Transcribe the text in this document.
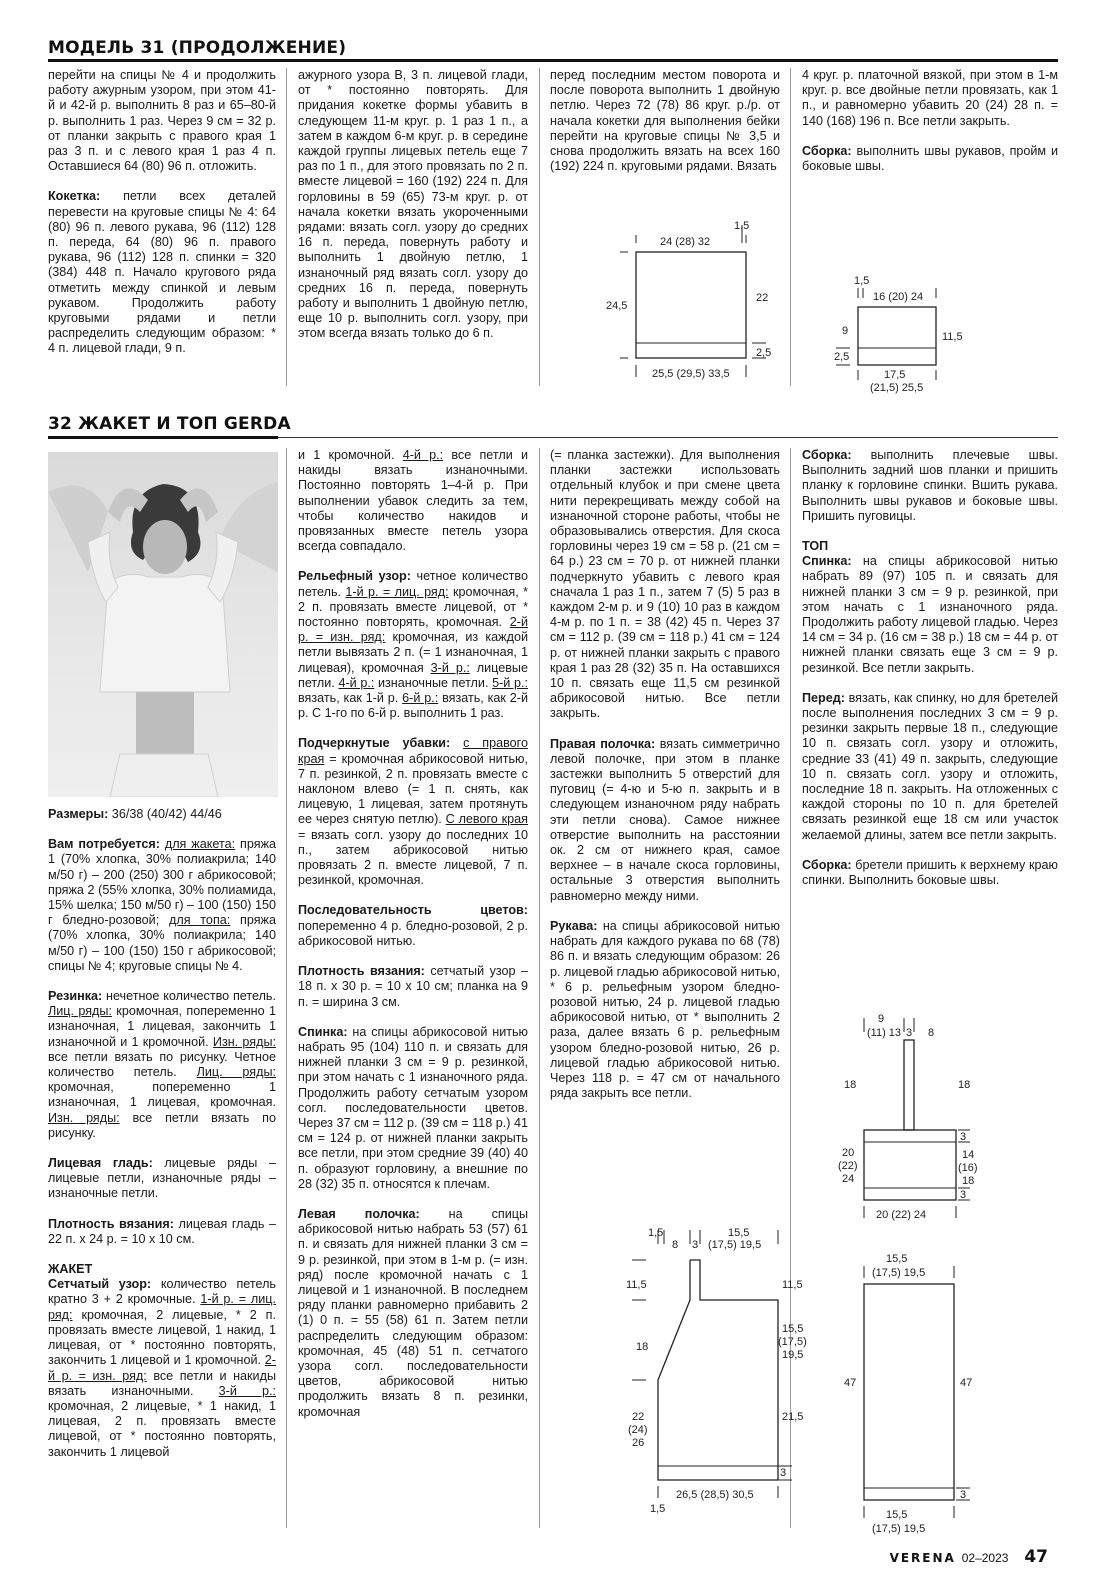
МОДЕЛЬ 31 (ПРОДОЛЖЕНИЕ)

перейти на спицы № 4 и продолжить работу ажурным узором, при этом 41-й и 42-й р. выполнить 8 раз и 65–80-й р. выполнить 1 раз. Через 9 см = 32 р. от планки закрыть с правого края 1 раз 3 п. и с левого края 1 раз 4 п. Оставшиеся 64 (80) 96 п. отложить.

Кокетка: петли всех деталей перевести на круговые спицы № 4: 64 (80) 96 п. левого рукава, 96 (112) 128 п. переда, 64 (80) 96 п. правого рукава, 96 (112) 128 п. спинки = 320 (384) 448 п. Начало кругового ряда отметить между спинкой и левым рукавом. Продолжить работу круговыми рядами и петли распределить следующим образом: * 4 п. лицевой глади, 9 п.

ажурного узора B, 3 п. лицевой глади, от * постоянно повторять. Для придания кокетке формы убавить в следующем 11-м круг. р. 1 раз 1 п., а затем в каждом 6-м круг. р. в середине каждой группы лицевых петель еще 7 раз по 1 п., для этого провязать по 2 п. вместе лицевой = 160 (192) 224 п. Для горловины в 59 (65) 73-м круг. р. от начала кокетки вязать укороченными рядами: вязать согл. узору до средних 16 п. переда, повернуть работу и выполнить 1 двойную петлю, 1 изнаночный ряд вязать согл. узору до средних 16 п. переда, повернуть работу и выполнить 1 двойную петлю, еще 10 р. выполнить согл. узору, при этом всегда вязать только до 6 п.

перед последним местом поворота и после поворота выполнить 1 двойную петлю. Через 72 (78) 86 круг. р./р. от начала кокетки для выполнения бейки перейти на круговые спицы № 3,5 и снова продолжить вязать на всех 160 (192) 224 п. круговыми рядами. Вязать

4 круг. р. платочной вязкой, при этом в 1-м круг. р. все двойные петли провязать, как 1 п., и равномерно убавить 20 (24) 28 п. = 140 (168) 196 п. Все петли закрыть.

Сборка: выполнить швы рукавов, пройм и боковые швы.

24 (28) 32
1,5
24,5
22
2,5
25,5 (29,5) 33,5
1,5
16 (20) 24
9
2,5
11,5
17,5
(21,5) 25,5
32 ЖАКЕТ И ТОП GERDA

Размеры: 36/38 (40/42) 44/46

Вам потребуется: для жакета: пряжа 1 (70% хлопка, 30% полиакрила; 140 м/50 г) – 200 (250) 300 г абрикосовой; пряжа 2 (55% хлопка, 30% полиамида, 15% шелка; 150 м/50 г) – 100 (150) 150 г бледно-розовой; для топа: пряжа (70% хлопка, 30% полиакрила; 140 м/50 г) – 100 (150) 150 г абрикосовой; спицы № 4; круговые спицы № 4.

Резинка: нечетное количество петель. Лиц. ряды: кромочная, попеременно 1 изнаночная, 1 лицевая, закончить 1 изнаночной и 1 кромочной. Изн. ряды: все петли вязать по рисунку. Четное количество петель. Лиц. ряды: кромочная, попеременно 1 изнаночная, 1 лицевая, кромочная. Изн. ряды: все петли вязать по рисунку.

Лицевая гладь: лицевые ряды – лицевые петли, изнаночные ряды – изнаночные петли.

Плотность вязания: лицевая гладь – 22 п. х 24 р. = 10 х 10 см.

ЖАКЕТ
Сетчатый узор: количество петель кратно 3 + 2 кромочные. 1-й р. = лиц. ряд: кромочная, 2 лицевые, * 2 п. провязать вместе лицевой, 1 накид, 1 лицевая, от * постоянно повторять, закончить 1 лицевой и 1 кромочной. 2-й р. = изн. ряд: все петли и накиды вязать изнаночными. 3-й р.: кромочная, 2 лицевые, * 1 накид, 1 лицевая, 2 п. провязать вместе лицевой, от * постоянно повторять, закончить 1 лицевой

и 1 кромочной. 4-й р.: все петли и накиды вязать изнаночными. Постоянно повторять 1–4-й р. При выполнении убавок следить за тем, чтобы количество накидов и провязанных вместе петель узора всегда совпадало.

Рельефный узор: четное количество петель. 1-й р. = лиц. ряд: кромочная, * 2 п. провязать вместе лицевой, от * постоянно повторять, кромочная. 2-й р. = изн. ряд: кромочная, из каждой петли вывязать 2 п. (= 1 изнаночная, 1 лицевая), кромочная 3-й р.: лицевые петли. 4-й р.: изнаночные петли. 5-й р.: вязать, как 1-й р. 6-й р.: вязать, как 2-й р. С 1-го по 6-й р. выполнить 1 раз.

Подчеркнутые убавки: с правого края = кромочная абрикосовой нитью, 7 п. резинкой, 2 п. провязать вместе с наклоном влево (= 1 п. снять, как лицевую, 1 лицевая, затем протянуть ее через снятую петлю). С левого края = вязать согл. узору до последних 10 п., затем абрикосовой нитью провязать 2 п. вместе лицевой, 7 п. резинкой, кромочная.

Последовательность цветов: попеременно 4 р. бледно-розовой, 2 р. абрикосовой нитью.

Плотность вязания: сетчатый узор – 18 п. х 30 р. = 10 х 10 см; планка на 9 п. = ширина 3 см.

Спинка: на спицы абрикосовой нитью набрать 95 (104) 110 п. и связать для нижней планки 3 см = 9 р. резинкой, при этом начать с 1 изнаночного ряда. Продолжить работу сетчатым узором согл. последовательности цветов. Через 37 см = 112 р. (39 см = 118 р.) 41 см = 124 р. от нижней планки закрыть все петли, при этом средние 39 (40) 40 п. образуют горловину, а внешние по 28 (32) 35 п. относятся к плечам.

Левая полочка: на спицы абрикосовой нитью набрать 53 (57) 61 п. и связать для нижней планки 3 см = 9 р. резинкой, при этом в 1-м р. (= изн. ряд) после кромочной начать с 1 лицевой и 1 изнаночной. В последнем ряду планки равномерно прибавить 2 (1) 0 п. = 55 (58) 61 п. Затем петли распределить следующим образом: кромочная, 45 (48) 51 п. сетчатого узора согл. последовательности цветов, абрикосовой нитью продолжить вязать 8 п. резинки, кромочная

(= планка застежки). Для выполнения планки застежки использовать отдельный клубок и при смене цвета нити перекрещивать между собой на изнаночной стороне работы, чтобы не образовывались отверстия. Для скоса горловины через 19 см = 58 р. (21 см = 64 р.) 23 см = 70 р. от нижней планки подчеркнуто убавить с левого края сначала 1 раз 1 п., затем 7 (5) 5 раз в каждом 2-м р. и 9 (10) 10 раз в каждом 4-м р. по 1 п. = 38 (42) 45 п. Через 37 см = 112 р. (39 см = 118 р.) 41 см = 124 р. от нижней планки закрыть с правого края 1 раз 28 (32) 35 п. На оставшихся 10 п. связать еще 11,5 см резинкой абрикосовой нитью. Все петли закрыть.

Правая полочка: вязать симметрично левой полочке, при этом в планке застежки выполнить 5 отверстий для пуговиц (= 4-ю и 5-ю п. закрыть и в следующем изнаночном ряду набрать эти петли снова). Самое нижнее отверстие выполнить на расстоянии ок. 2 см от нижнего края, самое верхнее – в начале скоса горловины, остальные 3 отверстия выполнить равномерно между ними.

Рукава: на спицы абрикосовой нитью набрать для каждого рукава по 68 (78) 86 п. и вязать следующим образом: 26 р. лицевой гладью абрикосовой нитью, * 6 р. рельефным узором бледно-розовой нитью, 24 р. лицевой гладью абрикосовой нитью, от * выполнить 2 раза, далее вязать 6 р. рельефным узором бледно-розовой нитью, 26 р. лицевой гладью абрикосовой нитью. Через 118 р. = 47 см от начального ряда закрыть все петли.

Сборка: выполнить плечевые швы. Выполнить задний шов планки и пришить планку к горловине спинки. Вшить рукава. Выполнить швы рукавов и боковые швы. Пришить пуговицы.

ТОП
Спинка: на спицы абрикосовой нитью набрать 89 (97) 105 п. и связать для нижней планки 3 см = 9 р. резинкой, при этом начать с 1 изнаночного ряда. Продолжить работу лицевой гладью. Через 14 см = 34 р. (16 см = 38 р.) 18 см = 44 р. от нижней планки связать еще 3 см = 9 р. резинкой. Все петли закрыть.

Перед: вязать, как спинку, но для бретелей после выполнения последних 3 см = 9 р. резинки закрыть первые 18 п., следующие 10 п. связать согл. узору и отложить, средние 33 (41) 49 п. закрыть, следующие 10 п. связать согл. узору и отложить, последние 18 п. закрыть. На отложенных с каждой стороны по 10 п. для бретелей связать резинкой еще 18 см или участок желаемой длины, затем все петли закрыть.

Сборка: бретели пришить к верхнему краю спинки. Выполнить боковые швы.

9
(11) 13 3 8
18	18
20
(22)
24
3
14
(16)
18
3
20 (22) 24
1,5
8 3
15,5
(17,5) 19,5
11,5	11,5
18
15,5
(17,5)
19,5
22
(24)
26
21,5
3
26,5 (28,5) 30,5
1,5
15,5
(17,5) 19,5
47	47
3
15,5
(17,5) 19,5
VERENA 02–2023 47
